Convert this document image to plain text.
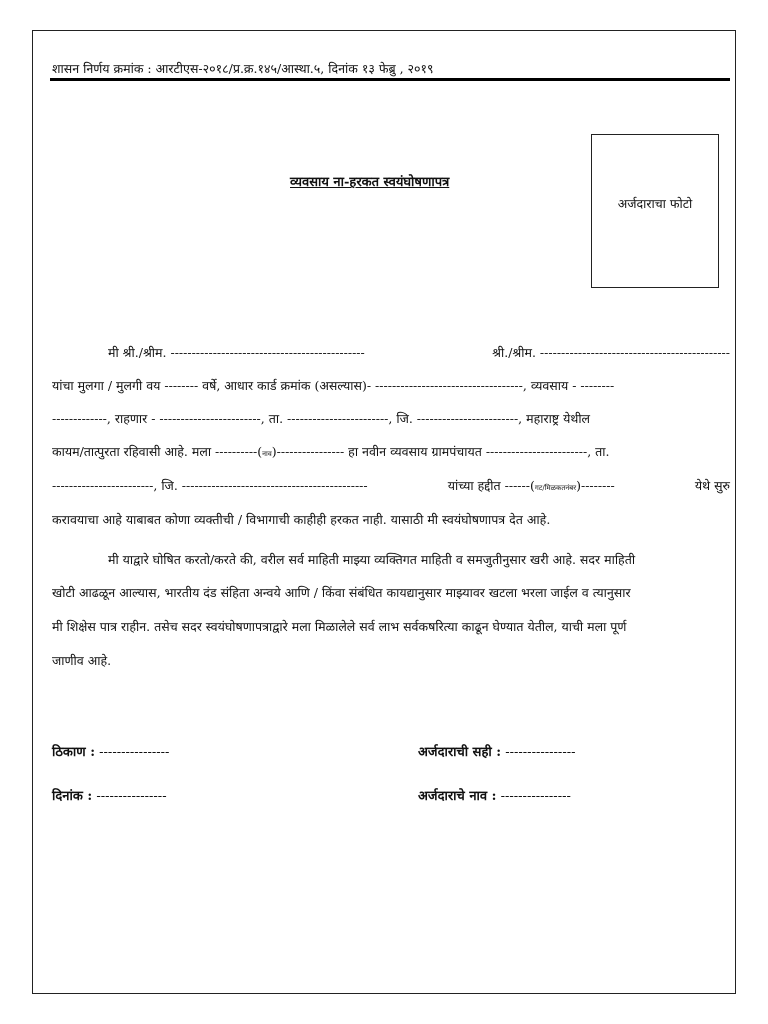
शासन निर्णय क्रमांक : आरटीएस-२०१८/प्र.क्र.१४५/आस्था.५, दिनांक १३ फेब्रु , २०१९
अर्जदाराचा फोटो
व्यवसाय ना-हरकत स्वयंघोषणापत्र
मी श्री./श्रीम. ----------------------------------------------	श्री./श्रीम. ---------------------------------------------
यांचा मुलगा / मुलगी वय -------- वर्षे, आधार कार्ड क्रमांक (असल्यास)- -----------------------------------, व्यवसाय - --------
-------------, राहणार - ------------------------, ता. ------------------------, जि. ------------------------, महाराष्ट्र येथील
कायम/तात्पुरता रहिवासी आहे. मला ----------(नाव)---------------- हा नवीन व्यवसाय ग्रामपंचायत ------------------------, ता.
------------------------, जि. --------------------------------------------	यांच्या हद्दीत ------(गट/मिळकतनंबर)--------	येथे सुरु
करावयाचा आहे याबाबत कोणा व्यक्तीची / विभागाची काहीही हरकत नाही. यासाठी मी स्वयंघोषणापत्र देत आहे.
मी याद्वारे घोषित करतो/करते की, वरील सर्व माहिती माझ्या व्यक्तिगत माहिती व समजुतीनुसार खरी आहे. सदर माहिती
खोटी आढळून आल्यास, भारतीय दंड संहिता अन्वये आणि / किंवा संबंधित कायद्यानुसार माझ्यावर खटला भरला जाईल व त्यानुसार
मी शिक्षेस पात्र राहीन. तसेच सदर स्वयंघोषणापत्राद्वारे मला मिळालेले सर्व लाभ सर्वकषरित्या काढून घेण्यात येतील, याची मला पूर्ण
जाणीव आहे.
ठिकाण : ----------------
दिनांक : ----------------
अर्जदाराची सही : ----------------
अर्जदाराचे नाव : ----------------
